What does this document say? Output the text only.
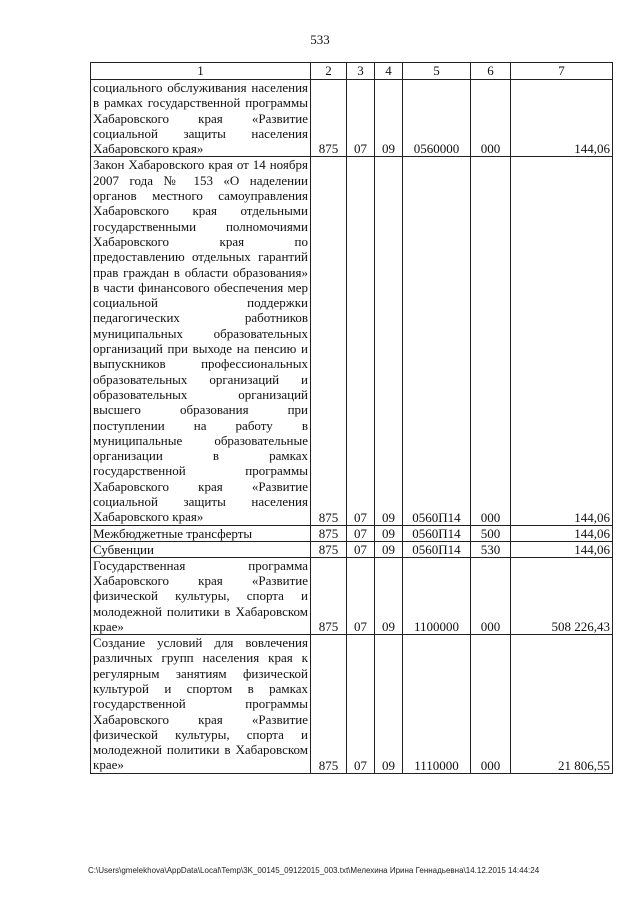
533
1	2	3	4	5	6	7
социального обслуживания населения в рамках государственной программы Хабаровского края «Развитие социальной защиты населения Хабаровского края»	875	07	09	0560000	000	144,06
Закон Хабаровского края от 14 ноября 2007 года № 153 «О наделении органов местного самоуправления Хабаровского края отдельными государственными полномочиями Хабаровского края по предоставлению отдельных гарантий прав граждан в области образования» в части финансового обеспечения мер социальной поддержки педагогических работников муниципальных образовательных организаций при выходе на пенсию и выпускников профессиональных образовательных организаций и образовательных организаций высшего образования при поступлении на работу в муниципальные образовательные организации в рамках государственной программы Хабаровского края «Развитие социальной защиты населения Хабаровского края»	875	07	09	0560П14	000	144,06
Межбюджетные трансферты	875	07	09	0560П14	500	144,06
Субвенции	875	07	09	0560П14	530	144,06
Государственная программа Хабаровского края «Развитие физической культуры, спорта и молодежной политики в Хабаровском крае»	875	07	09	1100000	000	508 226,43
Создание условий для вовлечения различных групп населения края к регулярным занятиям физической культурой и спортом в рамках государственной программы Хабаровского края «Развитие физической культуры, спорта и молодежной политики в Хабаровском крае»	875	07	09	1110000	000	21 806,55
C:\Users\gmelekhova\AppData\Local\Temp\3K_00145_09122015_003.txt\Мелехина Ирина Геннадьевна\14.12.2015 14:44:24
